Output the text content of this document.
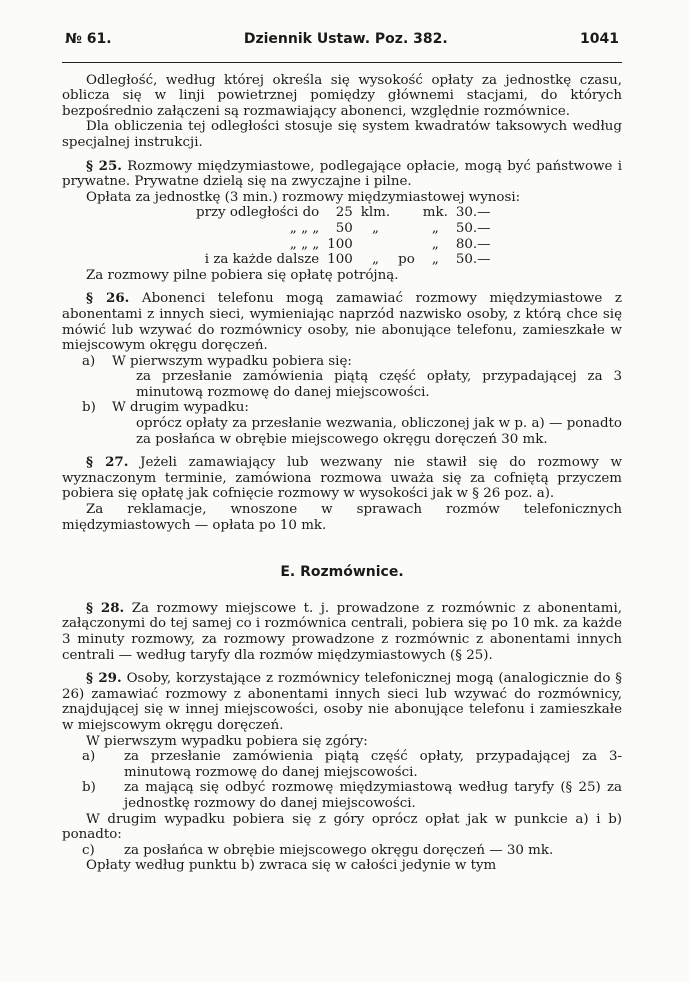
№ 61.	Dziennik Ustaw. Poz. 382.	1041

Odległość, według której określa się wysokość opłaty za jednostkę czasu, oblicza się w linji powietrznej pomiędzy głównemi stacjami, do których bezpośrednio załączeni są rozmawiający abonenci, względnie rozmównice.

Dla obliczenia tej odległości stosuje się system kwadratów taksowych według specjalnej instrukcji.

§ 25. Rozmowy międzymiastowe, podlegające opłacie, mogą być państwowe i prywatne. Prywatne dzielą się na zwyczajne i pilne.

Opłata za jednostkę (3 min.) rozmowy międzymiastowej wynosi:

przy odległości do	25	klm.		mk.	30.—
„ „ „	50	„		„	50.—
„ „ „	100			„	80.—
i za każde dalsze	100	„	po	„	50.—

Za rozmowy pilne pobiera się opłatę potrójną.

§ 26. Abonenci telefonu mogą zamawiać rozmowy międzymiastowe z abonentami z innych sieci, wymieniając naprzód nazwisko osoby, z którą chce się mówić lub wzywać do rozmównicy osoby, nie abonujące telefonu, zamieszkałe w miejscowym okręgu doręczeń.

a)	W pierwszym wypadku pobiera się:

za przesłanie zamówienia piątą część opłaty, przypadającej za 3 minutową rozmowę do danej miejscowości.

b)	W drugim wypadku:

oprócz opłaty za przesłanie wezwania, obliczonej jak w p. a) — ponadto za posłańca w obrębie miejscowego okręgu doręczeń 30 mk.

§ 27. Jeżeli zamawiający lub wezwany nie stawił się do rozmowy w wyznaczonym terminie, zamówiona rozmowa uważa się za cofniętą przyczem pobiera się opłatę jak cofnięcie rozmowy w wysokości jak w § 26 poz. a).

Za reklamacje, wnoszone w sprawach rozmów telefonicznych międzymiastowych — opłata po 10 mk.

E. Rozmównice.

§ 28. Za rozmowy miejscowe t. j. prowadzone z rozmównic z abonentami, załączonymi do tej samej co i rozmównica centrali, pobiera się po 10 mk. za każde 3 minuty rozmowy, za rozmowy prowadzone z rozmównic z abonentami innych centrali — według taryfy dla rozmów międzymiastowych (§ 25).

§ 29. Osoby, korzystające z rozmównicy telefonicznej mogą (analogicznie do § 26) zamawiać rozmowy z abonentami innych sieci lub wzywać do rozmównicy, znajdującej się w innej miejscowości, osoby nie abonujące telefonu i zamieszkałe w miejscowym okręgu doręczeń.

W pierwszym wypadku pobiera się zgóry:

a)	za przesłanie zamówienia piątą część opłaty, przypadającej za 3-minutową rozmowę do danej miejscowości.
b)	za mającą się odbyć rozmowę międzymiastową według taryfy (§ 25) za jednostkę rozmowy do danej miejscowości.

W drugim wypadku pobiera się z góry oprócz opłat jak w punkcie a) i b) ponadto:

c)	za posłańca w obrębie miejscowego okręgu doręczeń — 30 mk.

Opłaty według punktu b) zwraca się w całości jedynie w tym
